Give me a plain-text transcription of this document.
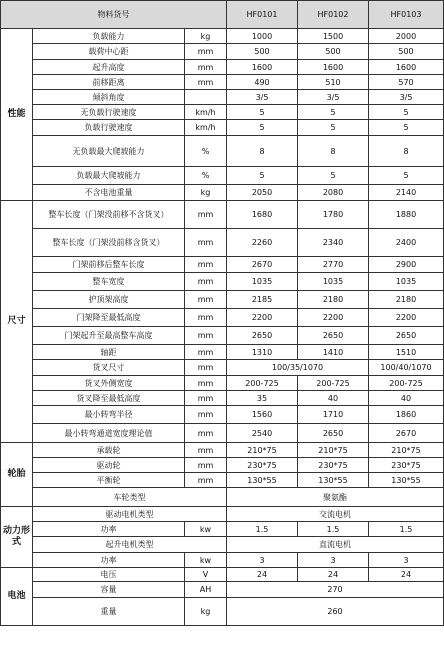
物料货号			HF0101	HF0102	HF0103
性能	负载能力	kg	1000	1500	2000
	载荷中心距	mm	500	500	500
	起升高度	mm	1600	1600	1600
	前移距离	mm	490	510	570
	倾斜角度		3/5	3/5	3/5
	无负载行驶速度	km/h	5	5	5
	负载行驶速度	km/h	5	5	5
	无负载最大爬坡能力	%	8	8	8
	负载最大爬坡能力	%	5	5	5
	不含电池重量	kg	2050	2080	2140
尺寸	整车长度（门架没前移不含货叉）	mm	1680	1780	1880
	整车长度（门架没前移含货叉）	mm	2260	2340	2400
	门架前移后整车长度	mm	2670	2770	2900
	整车宽度	mm	1035	1035	1035
	护顶架高度	mm	2185	2180	2180
	门架降至最低高度	mm	2200	2200	2200
	门架起升至最高整车高度	mm	2650	2650	2650
	轴距	mm	1310	1410	1510
	货叉尺寸	mm	100/35/1070		100/40/1070
	货叉外侧宽度	mm	200-725	200-725	200-725
	货叉降至最低高度	mm	35	40	40
	最小转弯半径	mm	1560	1710	1860
	最小转弯通道宽度理论值	mm	2540	2650	2670
轮胎	承载轮	mm	210*75	210*75	210*75
	驱动轮	mm	230*75	230*75	230*75
	平衡轮	mm	130*55	130*55	130*55
	车轮类型		聚氨酯		
动力形式	驱动电机类型		交流电机		
	功率	kw	1.5	1.5	1.5
	起升电机类型		直流电机		
	功率	kw	3	3	3
电池	电压	V	24	24	24
	容量	AH	270		
	重量	kg	260		
